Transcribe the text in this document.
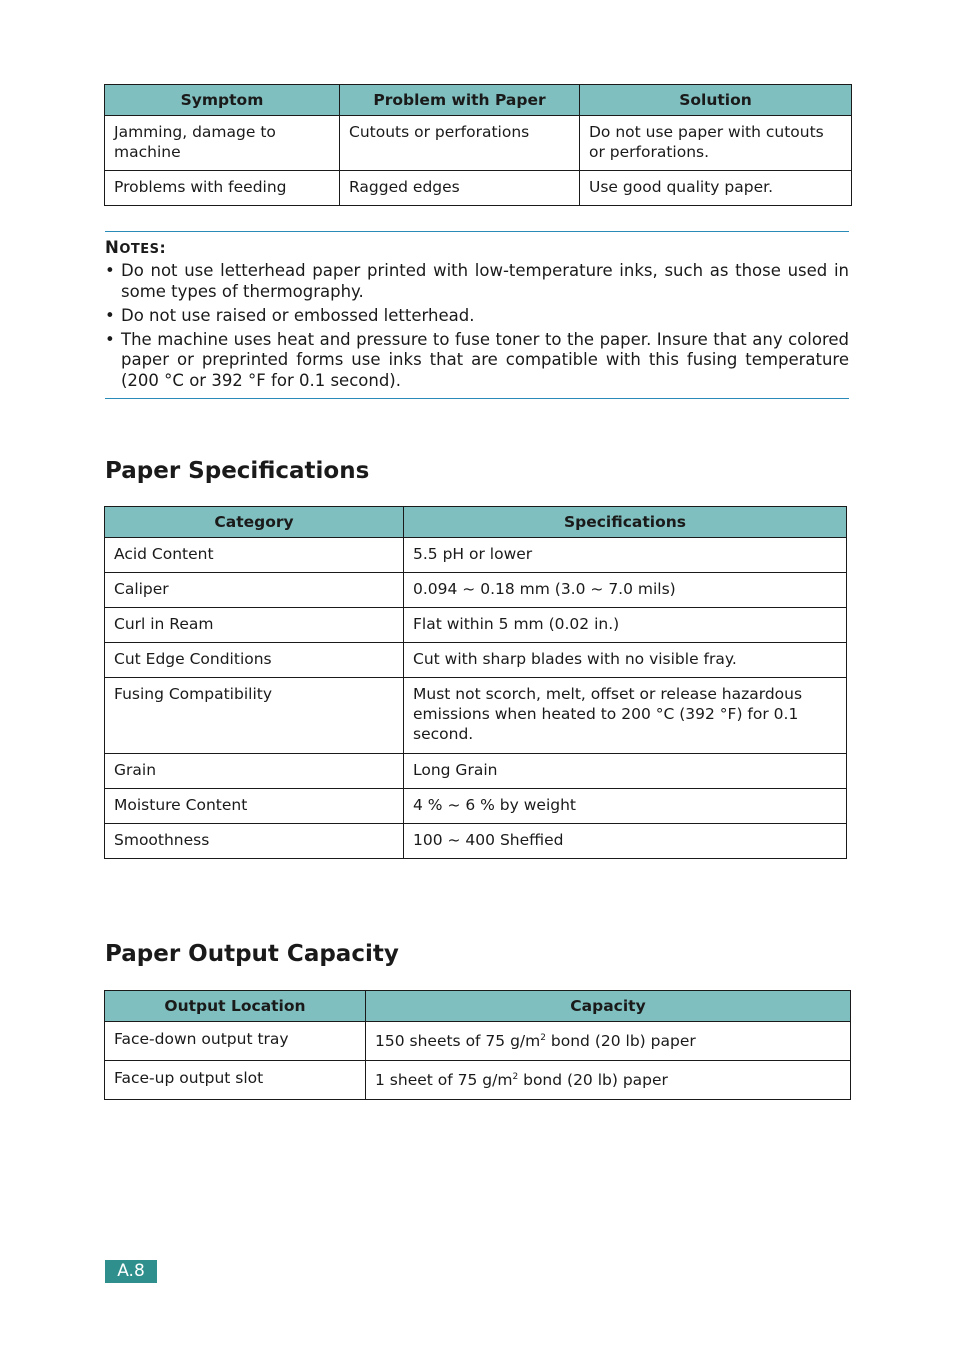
Symptom	Problem with Paper	Solution
Jamming, damage to machine	Cutouts or perforations	Do not use paper with cutouts or perforations.
Problems with feeding	Ragged edges	Use good quality paper.
NOTES:
• Do not use letterhead paper printed with low-temperature inks, such as those used in some types of thermography.
• Do not use raised or embossed letterhead.
• The machine uses heat and pressure to fuse toner to the paper. Insure that any colored paper or preprinted forms use inks that are compatible with this fusing temperature (200 °C or 392 °F for 0.1 second).
Paper Specifications
Category	Specifications
Acid Content	5.5 pH or lower
Caliper	0.094 ~ 0.18 mm (3.0 ~ 7.0 mils)
Curl in Ream	Flat within 5 mm (0.02 in.)
Cut Edge Conditions	Cut with sharp blades with no visible fray.
Fusing Compatibility	Must not scorch, melt, offset or release hazardous emissions when heated to 200 °C (392 °F) for 0.1 second.
Grain	Long Grain
Moisture Content	4 % ~ 6 % by weight
Smoothness	100 ~ 400 Sheffied
Paper Output Capacity
Output Location	Capacity
Face-down output tray	150 sheets of 75 $g/m^2$ bond (20 lb) paper
Face-up output slot	1 sheet of 75 $g/m^2$ bond (20 lb) paper
A.8
